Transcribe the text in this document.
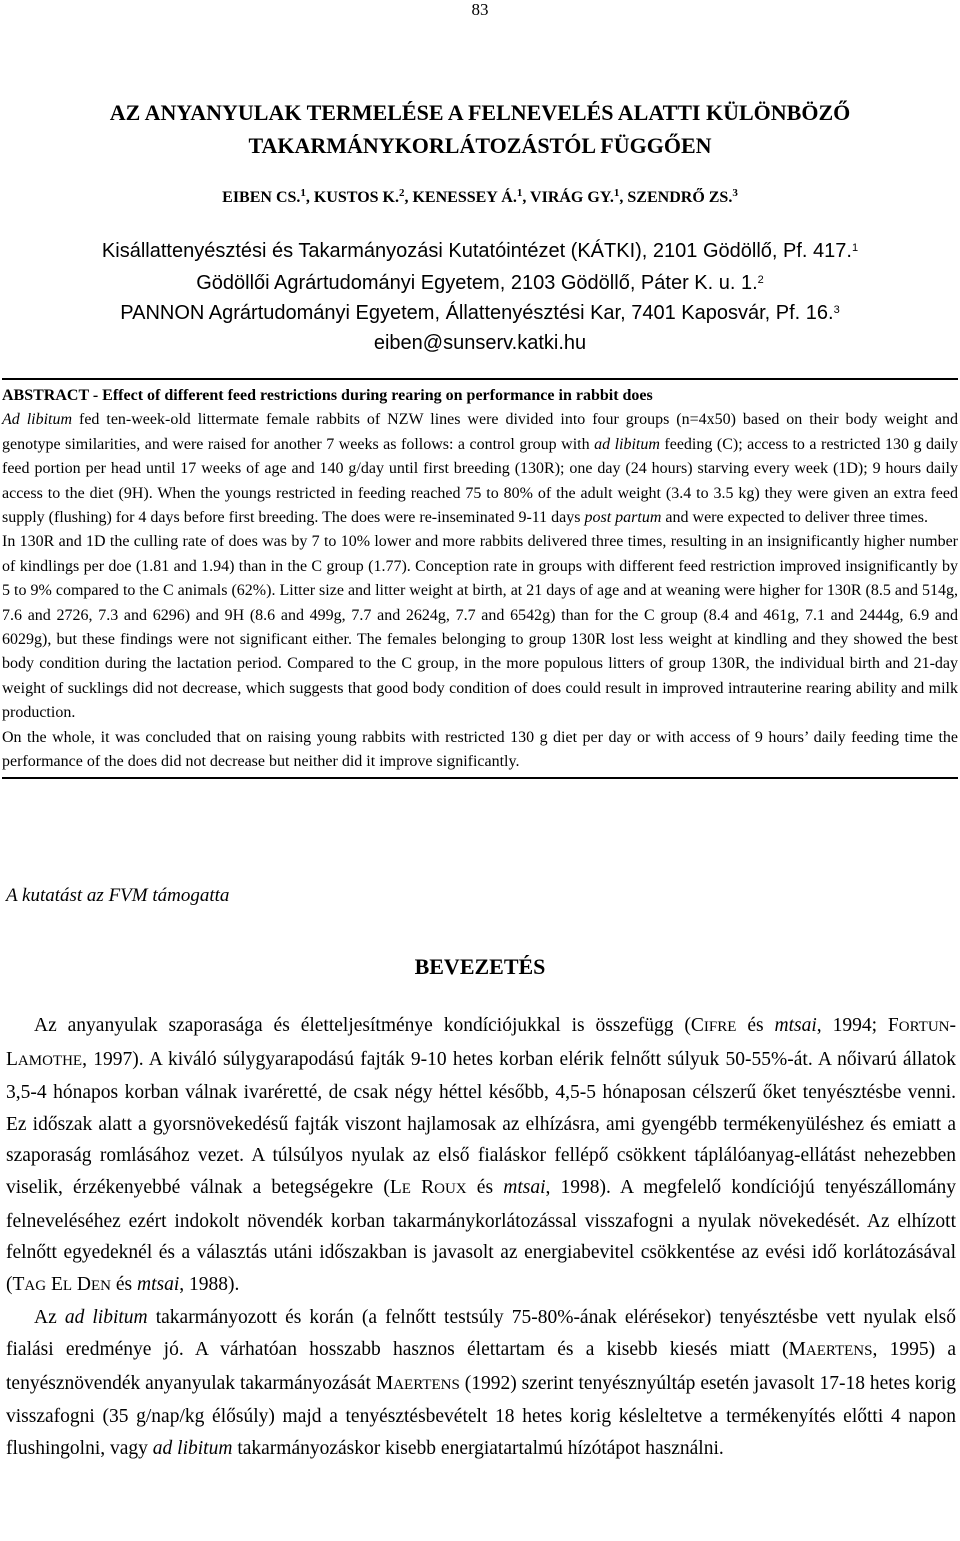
83
AZ ANYANYULAK TERMELÉSE A FELNEVELÉS ALATTI KÜLÖNBÖZŐ
TAKARMÁNYKORLÁTOZÁSTÓL FÜGGŐEN
EIBEN CS.$^1$, KUSTOS K.$^2$, KENESSEY Á.$^1$, VIRÁG GY.$^1$, SZENDRŐ ZS.$^3$
Kisállattenyésztési és Takarmányozási Kutatóintézet (KÁTKI), 2101 Gödöllő, Pf. 417.$^1$
Gödöllői Agrártudományi Egyetem, 2103 Gödöllő, Páter K. u. 1.$^2$
PANNON Agrártudományi Egyetem, Állattenyésztési Kar, 7401 Kaposvár, Pf. 16.$^3$
eiben@sunserv.katki.hu

ABSTRACT - Effect of different feed restrictions during rearing on performance in rabbit does

Ad libitum fed ten-week-old littermate female rabbits of NZW lines were divided into four groups (n=4x50) based on their body weight and genotype similarities, and were raised for another 7 weeks as follows: a control group with ad libitum feeding (C); access to a restricted 130 g daily feed portion per head until 17 weeks of age and 140 g/day until first breeding (130R); one day (24 hours) starving every week (1D); 9 hours daily access to the diet (9H). When the youngs restricted in feeding reached 75 to 80% of the adult weight (3.4 to 3.5 kg) they were given an extra feed supply (flushing) for 4 days before first breeding. The does were re-inseminated 9-11 days post partum and were expected to deliver three times.

In 130R and 1D the culling rate of does was by 7 to 10% lower and more rabbits delivered three times, resulting in an insignificantly higher number of kindlings per doe (1.81 and 1.94) than in the C group (1.77). Conception rate in groups with different feed restriction improved insignificantly by 5 to 9% compared to the C animals (62%). Litter size and litter weight at birth, at 21 days of age and at weaning were higher for 130R (8.5 and 514g, 7.6 and 2726, 7.3 and 6296) and 9H (8.6 and 499g, 7.7 and 2624g, 7.7 and 6542g) than for the C group (8.4 and 461g, 7.1 and 2444g, 6.9 and 6029g), but these findings were not significant either. The females belonging to group 130R lost less weight at kindling and they showed the best body condition during the lactation period. Compared to the C group, in the more populous litters of group 130R, the individual birth and 21-day weight of sucklings did not decrease, which suggests that good body condition of does could result in improved intrauterine rearing ability and milk production.

On the whole, it was concluded that on raising young rabbits with restricted 130 g diet per day or with access of 9 hours’ daily feeding time the performance of the does did not decrease but neither did it improve significantly.

A kutatást az FVM támogatta
BEVEZETÉS

Az anyanyulak szaporasága és életteljesítménye kondíciójukkal is összefügg (CIFRE és mtsai, 1994; FORTUN-LAMOTHE, 1997). A kiváló súlygyarapodású fajták 9-10 hetes korban elérik felnőtt súlyuk 50-55%-át. A nőivarú állatok 3,5-4 hónapos korban válnak ivaréretté, de csak négy héttel később, 4,5-5 hónaposan célszerű őket tenyésztésbe venni. Ez időszak alatt a gyorsnövekedésű fajták viszont hajlamosak az elhízásra, ami gyengébb termékenyüléshez és emiatt a szaporaság romlásához vezet. A túlsúlyos nyulak az első fialáskor fellépő csökkent táplálóanyag-ellátást nehezebben viselik, érzékenyebbé válnak a betegségekre (LE ROUX és mtsai, 1998). A megfelelő kondíciójú tenyészállomány felneveléséhez ezért indokolt növendék korban takarmánykorlátozással visszafogni a nyulak növekedését. Az elhízott felnőtt egyedeknél és a választás utáni időszakban is javasolt az energiabevitel csökkentése az evési idő korlátozásával (TAG EL DEN és mtsai, 1988).

Az ad libitum takarmányozott és korán (a felnőtt testsúly 75-80%-ának elérésekor) tenyésztésbe vett nyulak első fialási eredménye jó. A várhatóan hosszabb hasznos élettartam és a kisebb kiesés miatt (MAERTENS, 1995) a tenyésznövendék anyanyulak takarmányozását MAERTENS (1992) szerint tenyésznyúltáp esetén javasolt 17-18 hetes korig visszafogni (35 g/nap/kg élősúly) majd a tenyésztésbevételt 18 hetes korig késleltetve a termékenyítés előtti 4 napon flushingolni, vagy ad libitum takarmányozáskor kisebb energiatartalmú hízótápot használni.
